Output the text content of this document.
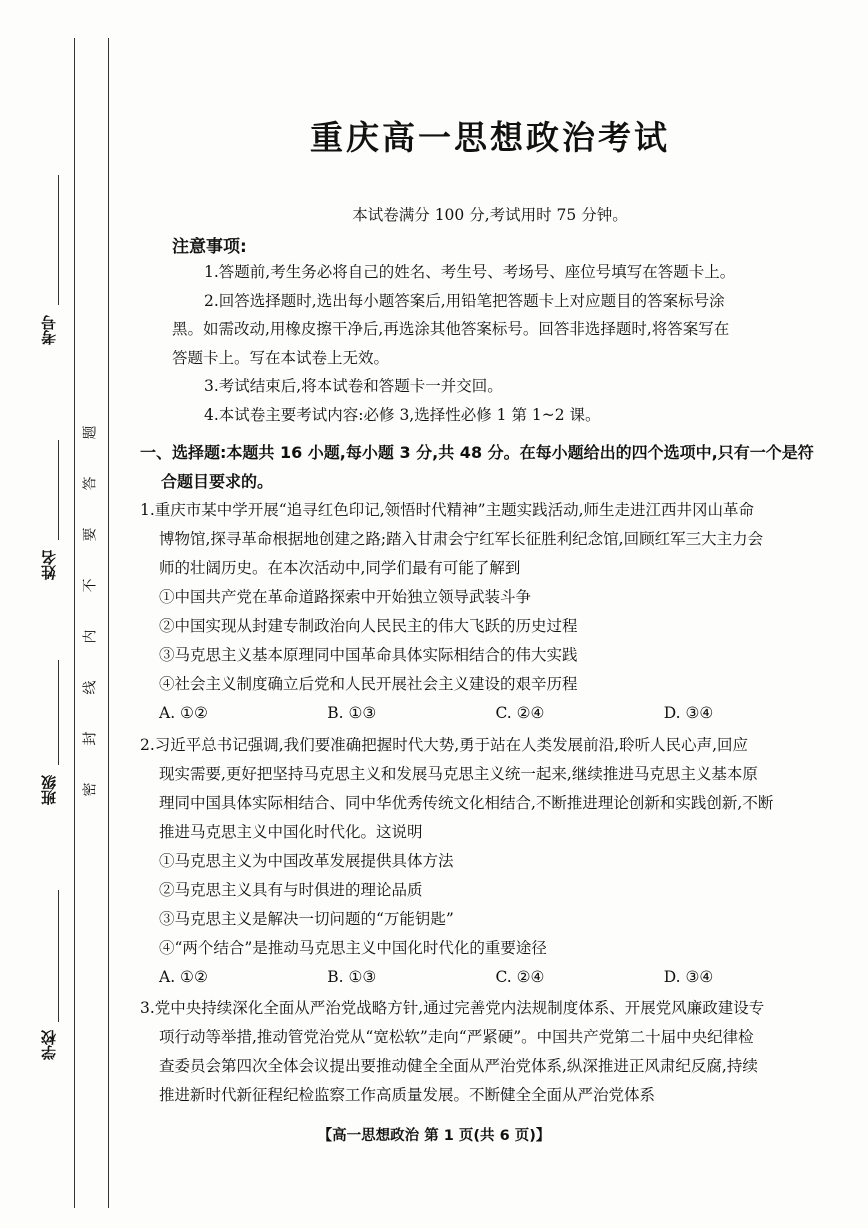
考号
姓名
班级
学校
题
答
要
不
内
线
封
密
重庆高一思想政治考试
本试卷满分 100 分,考试用时 75 分钟。
注意事项:

1.答题前,考生务必将自己的姓名、考生号、考场号、座位号填写在答题卡上。

2.回答选择题时,选出每小题答案后,用铅笔把答题卡上对应题目的答案标号涂

黑。如需改动,用橡皮擦干净后,再选涂其他答案标号。回答非选择题时,将答案写在

答题卡上。写在本试卷上无效。

3.考试结束后,将本试卷和答题卡一并交回。

4.本试卷主要考试内容:必修 3,选择性必修 1 第 1~2 课。

一、选择题:本题共 16 小题,每小题 3 分,共 48 分。在每小题给出的四个选项中,只有一个是符
合题目要求的。
1.重庆市某中学开展“追寻红色印记,领悟时代精神”主题实践活动,师生走进江西井冈山革命
博物馆,探寻革命根据地创建之路;踏入甘肃会宁红军长征胜利纪念馆,回顾红军三大主力会
师的壮阔历史。在本次活动中,同学们最有可能了解到
①中国共产党在革命道路探索中开始独立领导武装斗争
②中国实现从封建专制政治向人民民主的伟大飞跃的历史过程
③马克思主义基本原理同中国革命具体实际相结合的伟大实践
④社会主义制度确立后党和人民开展社会主义建设的艰辛历程
A. ①②	B. ①③	C. ②④	D. ③④
2.习近平总书记强调,我们要准确把握时代大势,勇于站在人类发展前沿,聆听人民心声,回应
现实需要,更好把坚持马克思主义和发展马克思主义统一起来,继续推进马克思主义基本原
理同中国具体实际相结合、同中华优秀传统文化相结合,不断推进理论创新和实践创新,不断
推进马克思主义中国化时代化。这说明
①马克思主义为中国改革发展提供具体方法
②马克思主义具有与时俱进的理论品质
③马克思主义是解决一切问题的“万能钥匙”
④“两个结合”是推动马克思主义中国化时代化的重要途径
A. ①②	B. ①③	C. ②④	D. ③④
3.党中央持续深化全面从严治党战略方针,通过完善党内法规制度体系、开展党风廉政建设专
项行动等举措,推动管党治党从“宽松软”走向“严紧硬”。中国共产党第二十届中央纪律检
查委员会第四次全体会议提出要推动健全全面从严治党体系,纵深推进正风肃纪反腐,持续
推进新时代新征程纪检监察工作高质量发展。不断健全全面从严治党体系
【高一思想政治 第 1 页(共 6 页)】
